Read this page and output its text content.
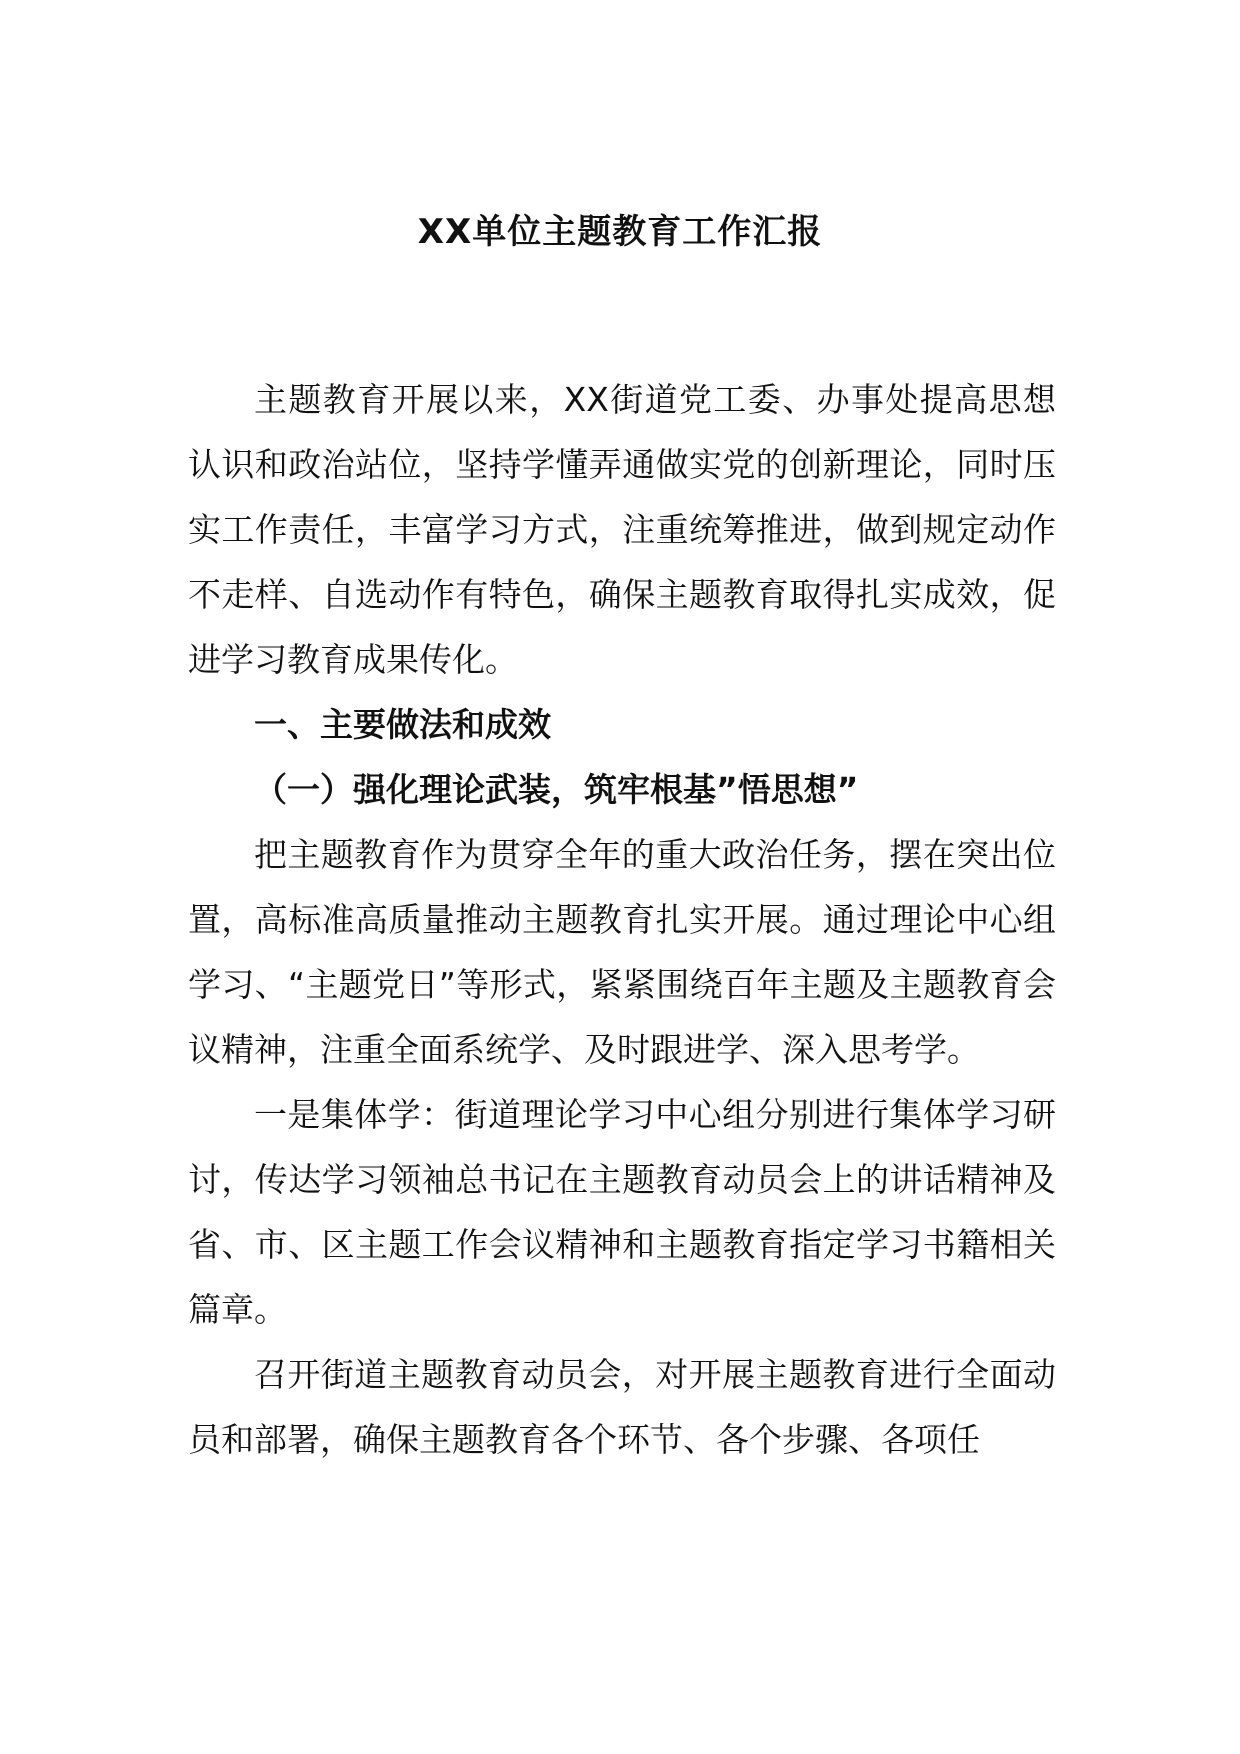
XX单位主题教育工作汇报

主题教育开展以来，XX街道党工委、办事处提高思想认识和政治站位，坚持学懂弄通做实党的创新理论，同时压实工作责任，丰富学习方式，注重统筹推进，做到规定动作不走样、自选动作有特色，确保主题教育取得扎实成效，促进学习教育成果传化。

一、主要做法和成效
（一）强化理论武装，筑牢根基”悟思想”

把主题教育作为贯穿全年的重大政治任务，摆在突出位置，高标准高质量推动主题教育扎实开展。通过理论中心组学习、“主题党日”等形式，紧紧围绕百年主题及主题教育会议精神，注重全面系统学、及时跟进学、深入思考学。

一是集体学：街道理论学习中心组分别进行集体学习研讨，传达学习领袖总书记在主题教育动员会上的讲话精神及省、市、区主题工作会议精神和主题教育指定学习书籍相关篇章。

召开街道主题教育动员会，对开展主题教育进行全面动员和部署，确保主题教育各个环节、各个步骤、各项任
